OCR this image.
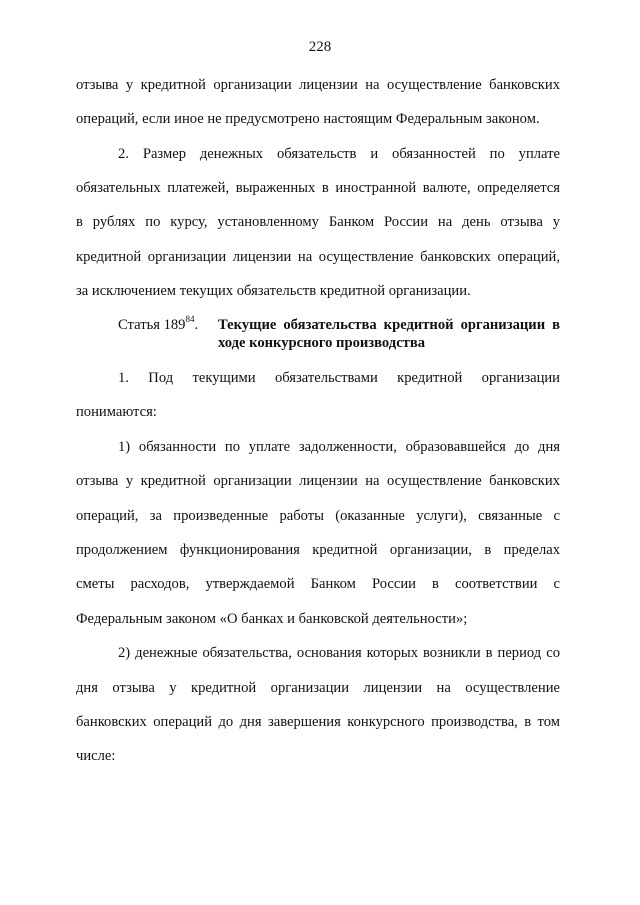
228
отзыва у кредитной организации лицензии на осуществление банковских
операций, если иное не предусмотрено настоящим Федеральным законом.
2. Размер денежных обязательств и обязанностей по уплате
обязательных платежей, выраженных в иностранной валюте, определяется
в рублях по курсу, установленному Банком России на день отзыва у
кредитной организации лицензии на осуществление банковских операций,
за исключением текущих обязательств кредитной организации.
Статья $189^{84}$.	Текущие обязательства кредитной организации в
ходе конкурсного производства
1. Под текущими обязательствами кредитной организации
понимаются:
1) обязанности по уплате задолженности, образовавшейся до дня
отзыва у кредитной организации лицензии на осуществление банковских
операций, за произведенные работы (оказанные услуги), связанные с
продолжением функционирования кредитной организации, в пределах
сметы расходов, утверждаемой Банком России в соответствии с
Федеральным законом «О банках и банковской деятельности»;
2) денежные обязательства, основания которых возникли в период со
дня отзыва у кредитной организации лицензии на осуществление
банковских операций до дня завершения конкурсного производства, в том
числе:
